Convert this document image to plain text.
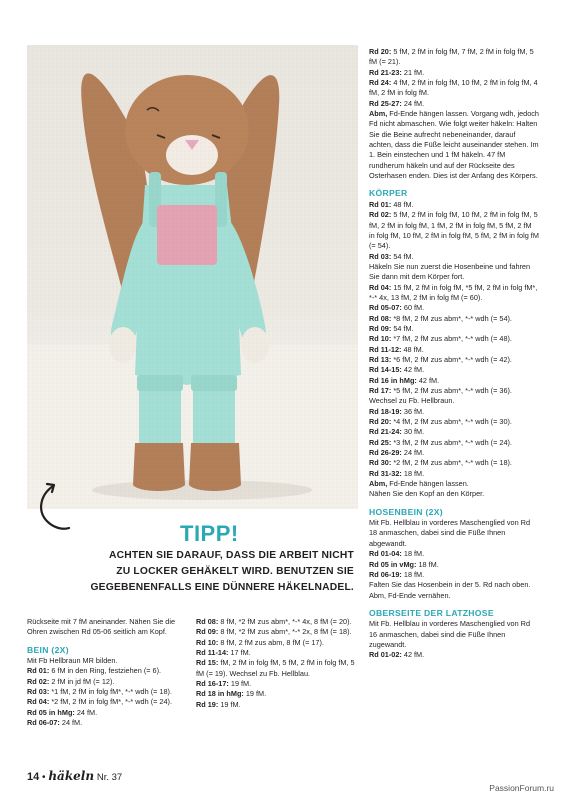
TIPP!
ACHTEN SIE DARAUF, DASS DIE ARBEIT NICHT
ZU LOCKER GEHÄKELT WIRD. BENUTZEN SIE
GEGEBENENFALLS EINE DÜNNERE HÄKELNADEL.

Rückseite mit 7 fM aneinander. Nähen Sie die Ohren zwischen Rd 05-06 seitlich am Kopf.

BEIN (2X)

Mit Fb Hellbraun MR bilden.

Rd 01: 6 fM in den Ring, festziehen (= 6).

Rd 02: 2 fM in jd fM (= 12).

Rd 03: *1 fM, 2 fM in folg fM*, *-* wdh (= 18).

Rd 04: *2 fM, 2 fM in folg fM*, *-* wdh (= 24).

Rd 05 in hMg: 24 fM.

Rd 06-07: 24 fM.

Rd 08: 8 fM, *2 fM zus abm*, *-* 4x, 8 fM (= 20).

Rd 09: 8 fM, *2 fM zus abm*, *-* 2x, 8 fM (= 18).

Rd 10: 8 fM, 2 fM zus abm, 8 fM (= 17).

Rd 11-14: 17 fM.

Rd 15: fM, 2 fM in folg fM, 5 fM, 2 fM in folg fM, 5 fM (= 19). Wechsel zu Fb. Hellblau.

Rd 16-17: 19 fM.

Rd 18 in hMg: 19 fM.

Rd 19: 19 fM.

Rd 20: 5 fM, 2 fM in folg fM, 7 fM, 2 fM in folg fM, 5 fM (= 21).

Rd 21-23: 21 fM.

Rd 24: 4 fM, 2 fM in folg fM, 10 fM, 2 fM in folg fM, 4 fM, 2 fM in folg fM.

Rd 25-27: 24 fM.

Abm, Fd-Ende hängen lassen. Vorgang wdh, jedoch Fd nicht abmaschen. Wie folgt weiter häkeln: Halten Sie die Beine aufrecht nebeneinander, darauf achten, dass die Füße leicht auseinander stehen. Im 1. Bein einstechen und 1 fM häkeln. 47 fM rundherum häkeln und auf der Rückseite des Osterhasen enden. Dies ist der Anfang des Körpers.

KÖRPER

Rd 01: 48 fM.

Rd 02: 5 fM, 2 fM in folg fM, 10 fM, 2 fM in folg fM, 5 fM, 2 fM in folg fM, 1 fM, 2 fM in folg fM, 5 fM, 2 fM in folg fM, 10 fM, 2 fM in folg fM, 5 fM, 2 fM in folg fM (= 54).

Rd 03: 54 fM.

Häkeln Sie nun zuerst die Hosenbeine und fahren Sie dann mit dem Körper fort.

Rd 04: 15 fM, 2 fM in folg fM, *5 fM, 2 fM in folg fM*, *-* 4x, 13 fM, 2 fM in folg fM (= 60).

Rd 05-07: 60 fM.

Rd 08: *8 fM, 2 fM zus abm*, *-* wdh (= 54).

Rd 09: 54 fM.

Rd 10: *7 fM, 2 fM zus abm*, *-* wdh (= 48).

Rd 11-12: 48 fM.

Rd 13: *6 fM, 2 fM zus abm*, *-* wdh (= 42).

Rd 14-15: 42 fM.

Rd 16 in hMg: 42 fM.

Rd 17: *5 fM, 2 fM zus abm*, *-* wdh (= 36). Wechsel zu Fb. Hellbraun.

Rd 18-19: 36 fM.

Rd 20: *4 fM, 2 fM zus abm*, *-* wdh (= 30).

Rd 21-24: 30 fM.

Rd 25: *3 fM, 2 fM zus abm*, *-* wdh (= 24).

Rd 26-29: 24 fM.

Rd 30: *2 fM, 2 fM zus abm*, *-* wdh (= 18).

Rd 31-32: 18 fM.

Abm, Fd-Ende hängen lassen.

Nähen Sie den Kopf an den Körper.

HOSENBEIN (2X)

Mit Fb. Hellblau in vorderes Maschenglied von Rd 18 anmaschen, dabei sind die Füße Ihnen abgewandt.

Rd 01-04: 18 fM.

Rd 05 in vMg: 18 fM.

Rd 06-19: 18 fM.

Falten Sie das Hosenbein in der 5. Rd nach oben. Abm, Fd-Ende vernähen.

OBERSEITE DER LATZHOSE

Mit Fb. Hellblau in vorderes Maschenglied von Rd 16 anmaschen, dabei sind die Füße Ihnen zugewandt.

Rd 01-02: 42 fM.

14 • häkeln Nr. 37
PassionForum.ru
